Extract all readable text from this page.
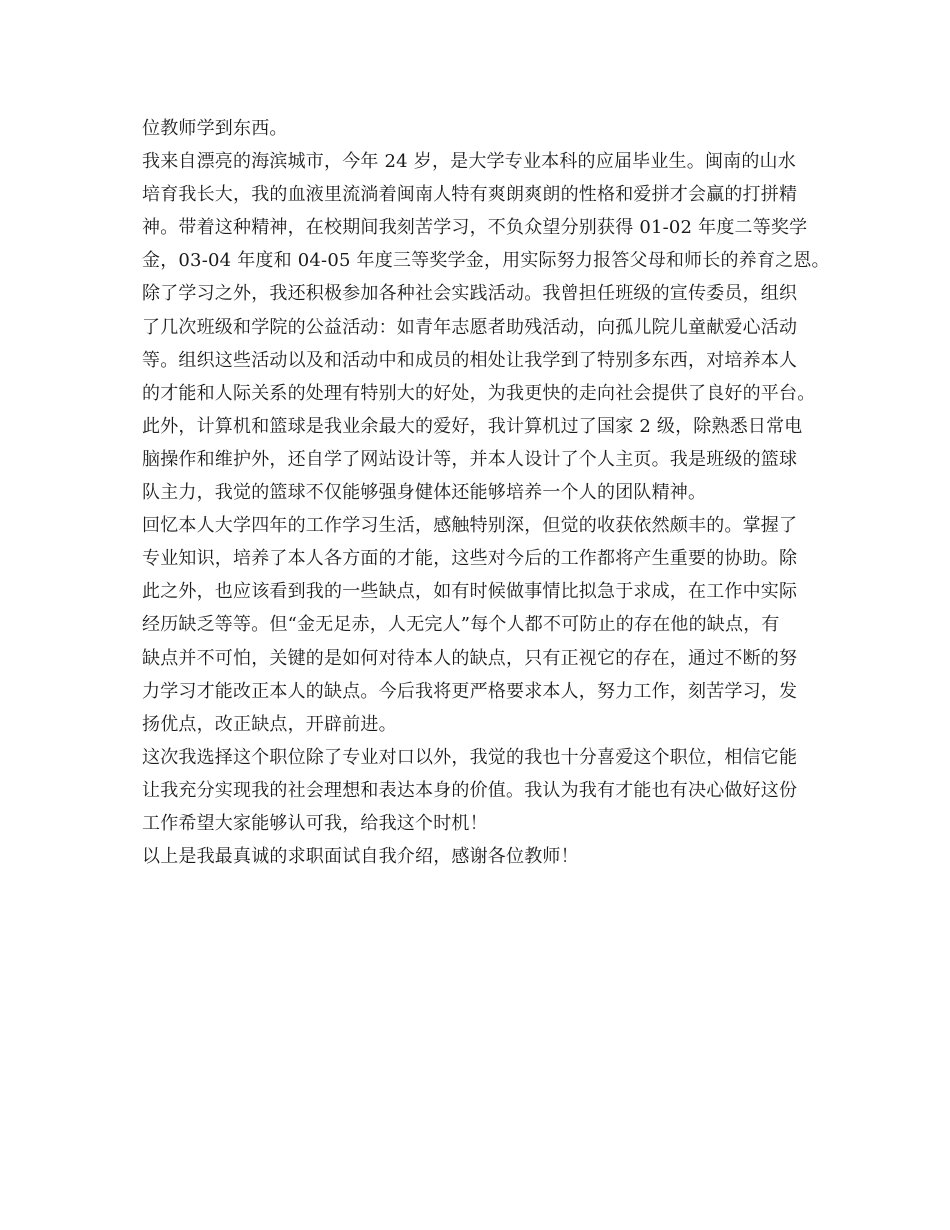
位教师学到东西。
我来自漂亮的海滨城市，今年 24 岁，是大学专业本科的应届毕业生。闽南的山水
培育我长大，我的血液里流淌着闽南人特有爽朗爽朗的性格和爱拼才会赢的打拼精
神。带着这种精神，在校期间我刻苦学习，不负众望分别获得 01-02 年度二等奖学
金，03-04 年度和 04-05 年度三等奖学金，用实际努力报答父母和师长的养育之恩。
除了学习之外，我还积极参加各种社会实践活动。我曾担任班级的宣传委员，组织
了几次班级和学院的公益活动：如青年志愿者助残活动，向孤儿院儿童献爱心活动
等。组织这些活动以及和活动中和成员的相处让我学到了特别多东西，对培养本人
的才能和人际关系的处理有特别大的好处，为我更快的走向社会提供了良好的平台。
此外，计算机和篮球是我业余最大的爱好，我计算机过了国家 2 级，除熟悉日常电
脑操作和维护外，还自学了网站设计等，并本人设计了个人主页。我是班级的篮球
队主力，我觉的篮球不仅能够强身健体还能够培养一个人的团队精神。
回忆本人大学四年的工作学习生活，感触特别深，但觉的收获依然颇丰的。掌握了
专业知识，培养了本人各方面的才能，这些对今后的工作都将产生重要的协助。除
此之外，也应该看到我的一些缺点，如有时候做事情比拟急于求成，在工作中实际
经历缺乏等等。但“金无足赤，人无完人”每个人都不可防止的存在他的缺点，有
缺点并不可怕，关键的是如何对待本人的缺点，只有正视它的存在，通过不断的努
力学习才能改正本人的缺点。今后我将更严格要求本人，努力工作，刻苦学习，发
扬优点，改正缺点，开辟前进。
这次我选择这个职位除了专业对口以外，我觉的我也十分喜爱这个职位，相信它能
让我充分实现我的社会理想和表达本身的价值。我认为我有才能也有决心做好这份
工作希望大家能够认可我，给我这个时机！
以上是我最真诚的求职面试自我介绍，感谢各位教师！
